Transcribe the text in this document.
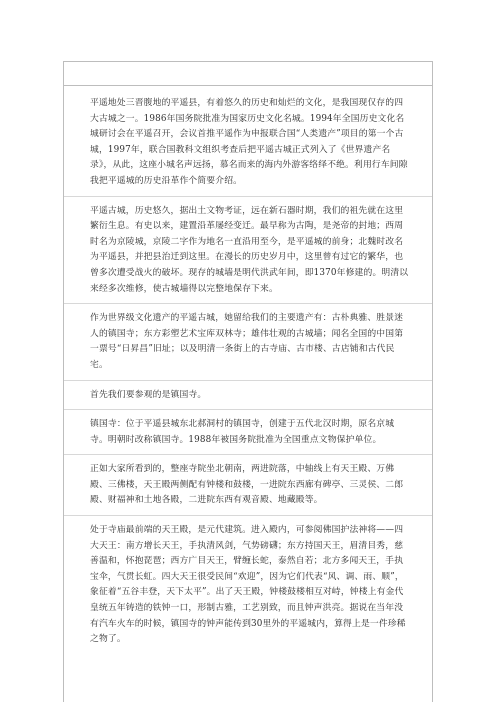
平遥地处三晋腹地的平遥县，有着悠久的历史和灿烂的文化，是我国现仅存的四大古城之一。1986年国务院批准为国家历史文化名城。1994年全国历史文化名城研讨会在平遥召开，会议首推平遥作为申报联合国“人类遗产”项目的第一个古城，1997年，联合国教科文组织考查后把平遥古城正式列入了《世界遗产名录》，从此，这座小城名声远扬，慕名而来的海内外游客络绎不绝。利用行车间隙我把平遥城的历史沿革作个简要介绍。

平遥古城，历史悠久，据出土文物考证，远在新石器时期，我们的祖先就在这里繁衍生息。有史以来，建置沿革屡经变迁。最早称为古陶，是尧帝的封地；西周时名为京陵城，京陵二字作为地名一直沿用至今，是平遥城的前身；北魏时改名为平遥县，并把县治迁到这里。在漫长的历史岁月中，这里曾有过它的繁华，也曾多次遭受战火的破坏。现存的城墙是明代洪武年间，即1370年修建的。明清以来经多次维修，使古城墙得以完整地保存下来。

作为世界级文化遗产的平遥古城，她留给我们的主要遗产有：古朴典雅、胜景迷人的镇国寺；东方彩塑艺术宝库双林寺；雄伟壮观的古城墙；闻名全国的中国第一票号“日昇昌”旧址；以及明清一条街上的古寺庙、古市楼、古店铺和古代民宅。

首先我们要参观的是镇国寺。

镇国寺：位于平遥县城东北郝洞村的镇国寺，创建于五代北汉时期，原名京城寺。明朝时改称镇国寺。1988年被国务院批准为全国重点文物保护单位。

正如大家所看到的，整座寺院坐北朝南，两进院落，中轴线上有天王殿、万佛殿、三佛楼，天王殿两侧配有钟楼和鼓楼，一进院东西廊有碑亭、三灵侯、二郎殿、财福神和土地各殿，二进院东西有观音殿、地藏殿等。

处于寺庙最前端的天王殿，是元代建筑。进入殿内，可参阅佛国护法神将——四大天王：南方增长天王，手执清风剑，气势磅礴；东方持国天王，眉清目秀，慈善温和，怀抱琵琶；西方广目天王，臂缠长蛇，泰然自若；北方多闻天王，手执宝伞，气贯长虹。四大天王很受民间“欢迎”，因为它们代表“风、调、雨、顺”，象征着“五谷丰登，天下太平”。出了天王殿，钟楼鼓楼相互对峙，钟楼上有金代皇统五年铸造的铁钟一口，形制古雅，工艺别致，而且钟声洪亮。据说在当年没有汽车火车的时候，镇国寺的钟声能传到30里外的平遥城内，算得上是一件珍稀之物了。
